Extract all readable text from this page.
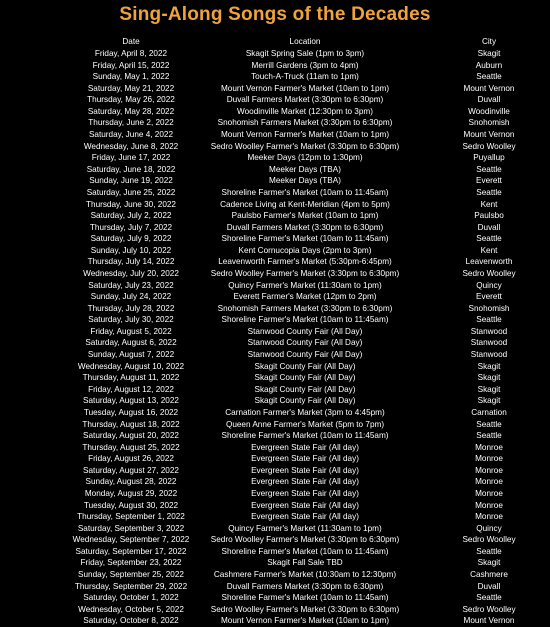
Sing-Along Songs of the Decades
Date	Location	City
Friday, April 8, 2022	Skagit Spring Sale (1pm to 3pm)	Skagit
Friday, April 15, 2022	Merrill Gardens (3pm to 4pm)	Auburn
Sunday, May 1, 2022	Touch-A-Truck (11am to 1pm)	Seattle
Saturday, May 21, 2022	Mount Vernon Farmer's Market (10am to 1pm)	Mount Vernon
Thursday, May 26, 2022	Duvall Farmers Market (3:30pm to 6:30pm)	Duvall
Saturday, May 28, 2022	Woodinville Market (12:30pm to 3pm)	Woodinville
Thursday, June 2, 2022	Snohomish Farmers Market (3:30pm to 6:30pm)	Snohomish
Saturday, June 4, 2022	Mount Vernon Farmer's Market (10am to 1pm)	Mount Vernon
Wednesday, June 8, 2022	Sedro Woolley Farmer's Market (3:30pm to 6:30pm)	Sedro Woolley
Friday, June 17, 2022	Meeker Days (12pm to 1:30pm)	Puyallup
Saturday, June 18, 2022	Meeker Days (TBA)	Seattle
Sunday, June 19, 2022	Meeker Days (TBA)	Everett
Saturday, June 25, 2022	Shoreline Farmer's Market (10am to 11:45am)	Seattle
Thursday, June 30, 2022	Cadence Living at Kent-Meridian (4pm to 5pm)	Kent
Saturday, July 2, 2022	Paulsbo Farmer's Market (10am to 1pm)	Paulsbo
Thursday, July 7, 2022	Duvall Farmers Market (3:30pm to 6:30pm)	Duvall
Saturday, July 9, 2022	Shoreline Farmer's Market (10am to 11:45am)	Seattle
Sunday, July 10, 2022	Kent Cornucopia Days (2pm to 3pm)	Kent
Thursday, July 14, 2022	Leavenworth Farmer's Market (5:30pm-6:45pm)	Leavenworth
Wednesday, July 20, 2022	Sedro Woolley Farmer's Market (3:30pm to 6:30pm)	Sedro Woolley
Saturday, July 23, 2022	Quincy Farmer's Market (11:30am to 1pm)	Quincy
Sunday, July 24, 2022	Everett Farmer's Market (12pm to 2pm)	Everett
Thursday, July 28, 2022	Snohomish Farmers Market (3:30pm to 6:30pm)	Snohomish
Saturday, July 30, 2022	Shoreline Farmer's Market (10am to 11:45am)	Seattle
Friday, August 5, 2022	Stanwood County Fair (All Day)	Stanwood
Saturday, August 6, 2022	Stanwood County Fair (All Day)	Stanwood
Sunday, August 7, 2022	Stanwood County Fair (All Day)	Stanwood
Wednesday, August 10, 2022	Skagit County Fair (All Day)	Skagit
Thursday, August 11, 2022	Skagit County Fair (All Day)	Skagit
Friday, August 12, 2022	Skagit County Fair (All Day)	Skagit
Saturday, August 13, 2022	Skagit County Fair (All Day)	Skagit
Tuesday, August 16, 2022	Carnation Farmer's Market (3pm to 4:45pm)	Carnation
Thursday, August 18, 2022	Queen Anne Farmer's Market (5pm to 7pm)	Seattle
Saturday, August 20, 2022	Shoreline Farmer's Market (10am to 11:45am)	Seattle
Thursday, August 25, 2022	Evergreen State Fair (All day)	Monroe
Friday, August 26, 2022	Evergreen State Fair (All day)	Monroe
Saturday, August 27, 2022	Evergreen State Fair (All day)	Monroe
Sunday, August 28, 2022	Evergreen State Fair (All day)	Monroe
Monday, August 29, 2022	Evergreen State Fair (All day)	Monroe
Tuesday, August 30, 2022	Evergreen State Fair (All day)	Monroe
Thursday, September 1, 2022	Evergreen State Fair (All day)	Monroe
Saturday, September 3, 2022	Quincy Farmer's Market (11:30am to 1pm)	Quincy
Wednesday, September 7, 2022	Sedro Woolley Farmer's Market (3:30pm to 6:30pm)	Sedro Woolley
Saturday, September 17, 2022	Shoreline Farmer's Market (10am to 11:45am)	Seattle
Friday, September 23, 2022	Skagit Fall Sale TBD	Skagit
Sunday, September 25, 2022	Cashmere Farmer's Market (10:30am to 12:30pm)	Cashmere
Thursday, September 29, 2022	Duvall Farmers Market (3:30pm to 6:30pm)	Duvall
Saturday, October 1, 2022	Shoreline Farmer's Market (10am to 11:45am)	Seattle
Wednesday, October 5, 2022	Sedro Woolley Farmer's Market (3:30pm to 6:30pm)	Sedro Woolley
Saturday, October 8, 2022	Mount Vernon Farmer's Market (10am to 1pm)	Mount Vernon
